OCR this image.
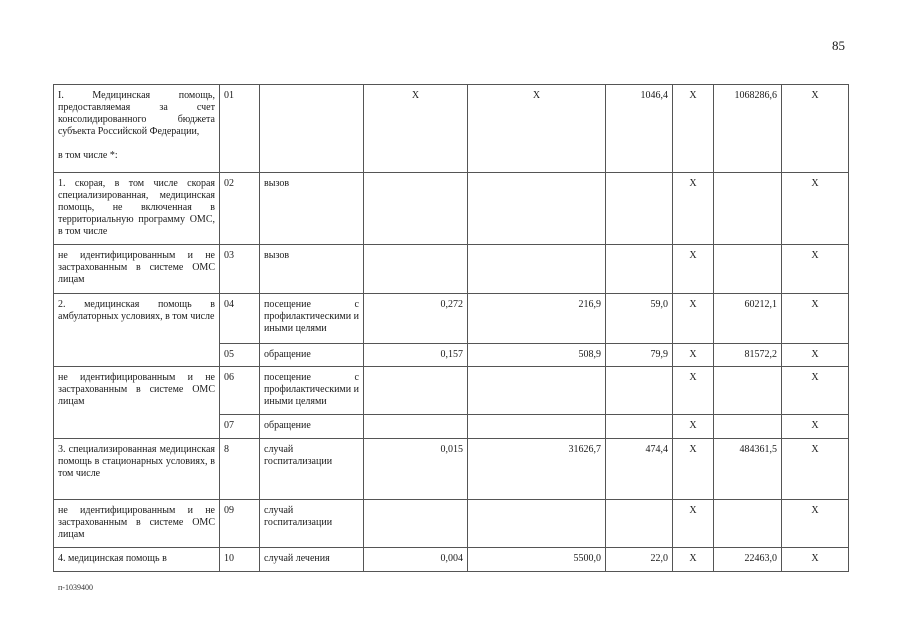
85
I. Медицинская помощь, предоставляемая за счет консолидированного бюджета субъекта Российской Федерации,
в том числе *:	01		X	X	1046,4	X	1068286,6	X	
1. скорая, в том числе скорая специализированная, медицинская помощь, не включенная в территориальную программу ОМС, в том числе	02	вызов				X		X	
не идентифицированным и не застрахованным в системе ОМС лицам	03	вызов				X		X	
2. медицинская помощь в амбулаторных условиях, в том числе	04	посещение с профилактическими и иными целями	0,272	216,9	59,0	X	60212,1	X	
	05	обращение	0,157	508,9	79,9	X	81572,2	X	
не идентифицированным и не застрахованным в системе ОМС лицам	06	посещение с профилактическими и иными целями				X		X	
	07	обращение				X		X	
3. специализированная медицинская помощь в стационарных условиях, в том числе	8	случай госпитализации	0,015	31626,7	474,4	X	484361,5	X	
не идентифицированным и не застрахованным в системе ОМС лицам	09	случай госпитализации				X		X	
4. медицинская помощь в	10	случай лечения	0,004	5500,0	22,0	X	22463,0	X	
п-1039400
